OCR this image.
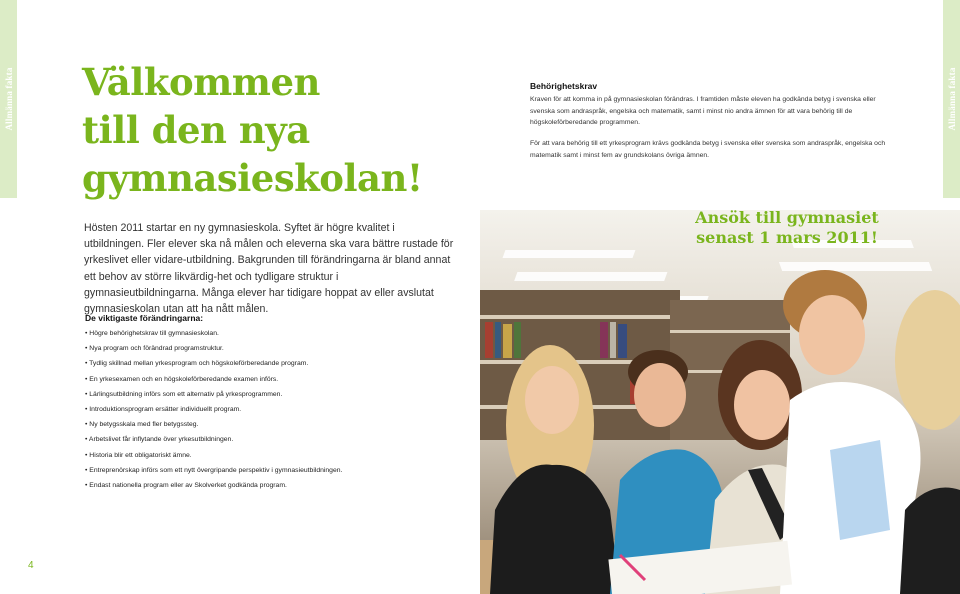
Allmänna fakta	Allmänna fakta
Välkommen
till den nya
gymnasieskolan!

Hösten 2011 startar en ny gymnasieskola. Syftet är högre kvalitet i utbildningen. Fler elever ska nå målen och eleverna ska vara bättre rustade för yrkeslivet eller vidare-utbildning. Bakgrunden till förändringarna är bland annat ett behov av större likvärdig-het och tydligare struktur i gymnasieutbildningarna. Många elever har tidigare hoppat av eller avslutat gymnasieskolan utan att ha nått målen.

De viktigaste förändringarna:
• Högre behörighetskrav till gymnasieskolan.
• Nya program och förändrad programstruktur.
• Tydlig skillnad mellan yrkesprogram och högskoleförberedande program.
• En yrkesexamen och en högskoleförberedande examen införs.
• Lärlingsutbildning införs som ett alternativ på yrkesprogrammen.
• Introduktionsprogram ersätter individuellt program.
• Ny betygsskala med fler betygssteg.
• Arbetslivet får inflytande över yrkesutbildningen.
• Historia blir ett obligatoriskt ämne.
• Entreprenörskap införs som ett nytt övergripande perspektiv i gymnasieutbildningen.
• Endast nationella program eller av Skolverket godkända program.
4
Behörighetskrav

Kraven för att komma in på gymnasieskolan förändras. I framtiden måste eleven ha godkända betyg i svenska eller svenska som andraspråk, engelska och matematik, samt i minst nio andra ämnen för att vara behörig till de högskoleförberedande programmen.

För att vara behörig till ett yrkesprogram krävs godkända betyg i svenska eller svenska som andraspråk, engelska och matematik samt i minst fem av grundskolans övriga ämnen.

Ansök till gymnasiet
senast 1 mars 2011!
